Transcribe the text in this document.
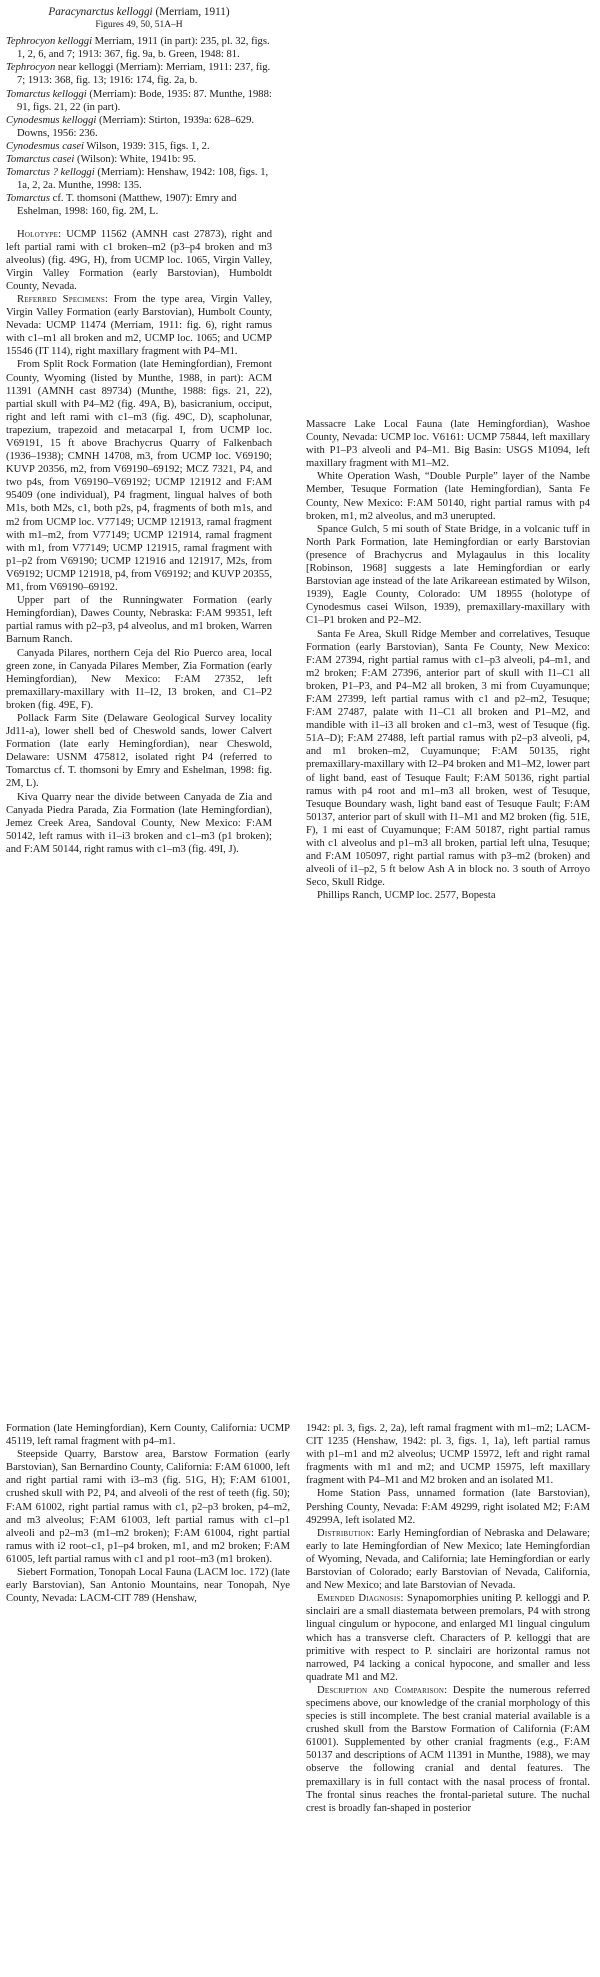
Paracynarctus kelloggi (Merriam, 1911)
Figures 49, 50, 51A–H

Tephrocyon kelloggi Merriam, 1911 (in part): 235, pl. 32, figs. 1, 2, 6, and 7; 1913: 367, fig. 9a, b. Green, 1948: 81.

Tephrocyon near kelloggi (Merriam): Merriam, 1911: 237, fig. 7; 1913: 368, fig. 13; 1916: 174, fig. 2a, b.

Tomarctus kelloggi (Merriam): Bode, 1935: 87. Munthe, 1988: 91, figs. 21, 22 (in part).

Cynodesmus kelloggi (Merriam): Stirton, 1939a: 628–629. Downs, 1956: 236.

Cynodesmus casei Wilson, 1939: 315, figs. 1, 2.

Tomarctus casei (Wilson): White, 1941b: 95.

Tomarctus ? kelloggi (Merriam): Henshaw, 1942: 108, figs. 1, 1a, 2, 2a. Munthe, 1998: 135.

Tomarctus cf. T. thomsoni (Matthew, 1907): Emry and Eshelman, 1998: 160, fig. 2M, L.

Holotype: UCMP 11562 (AMNH cast 27873), right and left partial rami with c1 broken–m2 (p3–p4 broken and m3 alveolus) (fig. 49G, H), from UCMP loc. 1065, Virgin Valley, Virgin Valley Formation (early Barstovian), Humboldt County, Nevada.

Referred Specimens: From the type area, Virgin Valley, Virgin Valley Formation (early Barstovian), Humbolt County, Nevada: UCMP 11474 (Merriam, 1911: fig. 6), right ramus with c1–m1 all broken and m2, UCMP loc. 1065; and UCMP 15546 (IT 114), right maxillary fragment with P4–M1.

From Split Rock Formation (late Hemingfordian), Fremont County, Wyoming (listed by Munthe, 1988, in part): ACM 11391 (AMNH cast 89734) (Munthe, 1988: figs. 21, 22), partial skull with P4–M2 (fig. 49A, B), basicranium, occiput, right and left rami with c1–m3 (fig. 49C, D), scapholunar, trapezium, trapezoid and metacarpal I, from UCMP loc. V69191, 15 ft above Brachycrus Quarry of Falkenbach (1936–1938); CMNH 14708, m3, from UCMP loc. V69190; KUVP 20356, m2, from V69190–69192; MCZ 7321, P4, and two p4s, from V69190–V69192; UCMP 121912 and F:AM 95409 (one individual), P4 fragment, lingual halves of both M1s, both M2s, c1, both p2s, p4, fragments of both m1s, and m2 from UCMP loc. V77149; UCMP 121913, ramal fragment with m1–m2, from V77149; UCMP 121914, ramal fragment with m1, from V77149; UCMP 121915, ramal fragment with p1–p2 from V69190; UCMP 121916 and 121917, M2s, from V69192; UCMP 121918, p4, from V69192; and KUVP 20355, M1, from V69190–69192.

Upper part of the Runningwater Formation (early Hemingfordian), Dawes County, Nebraska: F:AM 99351, left partial ramus with p2–p3, p4 alveolus, and m1 broken, Warren Barnum Ranch.

Canyada Pilares, northern Ceja del Rio Puerco area, local green zone, in Canyada Pilares Member, Zia Formation (early Hemingfordian), New Mexico: F:AM 27352, left premaxillary-maxillary with I1–I2, I3 broken, and C1–P2 broken (fig. 49E, F).

Pollack Farm Site (Delaware Geological Survey locality Jd11-a), lower shell bed of Cheswold sands, lower Calvert Formation (late early Hemingfordian), near Cheswold, Delaware: USNM 475812, isolated right P4 (referred to Tomarctus cf. T. thomsoni by Emry and Eshelman, 1998: fig. 2M, L).

Kiva Quarry near the divide between Canyada de Zia and Canyada Piedra Parada, Zia Formation (late Hemingfordian), Jemez Creek Area, Sandoval County, New Mexico: F:AM 50142, left ramus with i1–i3 broken and c1–m3 (p1 broken); and F:AM 50144, right ramus with c1–m3 (fig. 49I, J).

Massacre Lake Local Fauna (late Hemingfordian), Washoe County, Nevada: UCMP loc. V6161: UCMP 75844, left maxillary with P1–P3 alveoli and P4–M1. Big Basin: USGS M1094, left maxillary fragment with M1–M2.

White Operation Wash, “Double Purple” layer of the Nambe Member, Tesuque Formation (late Hemingfordian), Santa Fe County, New Mexico: F:AM 50140, right partial ramus with p4 broken, m1, m2 alveolus, and m3 unerupted.

Spance Gulch, 5 mi south of State Bridge, in a volcanic tuff in North Park Formation, late Hemingfordian or early Barstovian (presence of Brachycrus and Mylagaulus in this locality [Robinson, 1968] suggests a late Hemingfordian or early Barstovian age instead of the late Arikareean estimated by Wilson, 1939), Eagle County, Colorado: UM 18955 (holotype of Cynodesmus casei Wilson, 1939), premaxillary-maxillary with C1–P1 broken and P2–M2.

Santa Fe Area, Skull Ridge Member and correlatives, Tesuque Formation (early Barstovian), Santa Fe County, New Mexico: F:AM 27394, right partial ramus with c1–p3 alveoli, p4–m1, and m2 broken; F:AM 27396, anterior part of skull with I1–C1 all broken, P1–P3, and P4–M2 all broken, 3 mi from Cuyamunque; F:AM 27399, left partial ramus with c1 and p2–m2, Tesuque; F:AM 27487, palate with I1–C1 all broken and P1–M2, and mandible with i1–i3 all broken and c1–m3, west of Tesuque (fig. 51A–D); F:AM 27488, left partial ramus with p2–p3 alveoli, p4, and m1 broken–m2, Cuyamunque; F:AM 50135, right premaxillary-maxillary with I2–P4 broken and M1–M2, lower part of light band, east of Tesuque Fault; F:AM 50136, right partial ramus with p4 root and m1–m3 all broken, west of Tesuque, Tesuque Boundary wash, light band east of Tesuque Fault; F:AM 50137, anterior part of skull with I1–M1 and M2 broken (fig. 51E, F), 1 mi east of Cuyamunque; F:AM 50187, right partial ramus with c1 alveolus and p1–m3 all broken, partial left ulna, Tesuque; and F:AM 105097, right partial ramus with p3–m2 (broken) and alveoli of i1–p2, 5 ft below Ash A in block no. 3 south of Arroyo Seco, Skull Ridge.

Phillips Ranch, UCMP loc. 2577, Bopesta

Formation (late Hemingfordian), Kern County, California: UCMP 45119, left ramal fragment with p4–m1.

Steepside Quarry, Barstow area, Barstow Formation (early Barstovian), San Bernardino County, California: F:AM 61000, left and right partial rami with i3–m3 (fig. 51G, H); F:AM 61001, crushed skull with P2, P4, and alveoli of the rest of teeth (fig. 50); F:AM 61002, right partial ramus with c1, p2–p3 broken, p4–m2, and m3 alveolus; F:AM 61003, left partial ramus with c1–p1 alveoli and p2–m3 (m1–m2 broken); F:AM 61004, right partial ramus with i2 root–c1, p1–p4 broken, m1, and m2 broken; F:AM 61005, left partial ramus with c1 and p1 root–m3 (m1 broken).

Siebert Formation, Tonopah Local Fauna (LACM loc. 172) (late early Barstovian), San Antonio Mountains, near Tonopah, Nye County, Nevada: LACM-CIT 789 (Henshaw,

1942: pl. 3, figs. 2, 2a), left ramal fragment with m1–m2; LACM-CIT 1235 (Henshaw, 1942: pl. 3, figs. 1, 1a), left partial ramus with p1–m1 and m2 alveolus; UCMP 15972, left and right ramal fragments with m1 and m2; and UCMP 15975, left maxillary fragment with P4–M1 and M2 broken and an isolated M1.

Home Station Pass, unnamed formation (late Barstovian), Pershing County, Nevada: F:AM 49299, right isolated M2; F:AM 49299A, left isolated M2.

Distribution: Early Hemingfordian of Nebraska and Delaware; early to late Hemingfordian of New Mexico; late Hemingfordian of Wyoming, Nevada, and California; late Hemingfordian or early Barstovian of Colorado; early Barstovian of Nevada, California, and New Mexico; and late Barstovian of Nevada.

Emended Diagnosis: Synapomorphies uniting P. kelloggi and P. sinclairi are a small diastemata between premolars, P4 with strong lingual cingulum or hypocone, and enlarged M1 lingual cingulum which has a transverse cleft. Characters of P. kelloggi that are primitive with respect to P. sinclairi are horizontal ramus not narrowed, P4 lacking a conical hypocone, and smaller and less quadrate M1 and M2.

Description and Comparison: Despite the numerous referred specimens above, our knowledge of the cranial morphology of this species is still incomplete. The best cranial material available is a crushed skull from the Barstow Formation of California (F:AM 61001). Supplemented by other cranial fragments (e.g., F:AM 50137 and descriptions of ACM 11391 in Munthe, 1988), we may observe the following cranial and dental features. The premaxillary is in full contact with the nasal process of frontal. The frontal sinus reaches the frontal-parietal suture. The nuchal crest is broadly fan-shaped in posterior
